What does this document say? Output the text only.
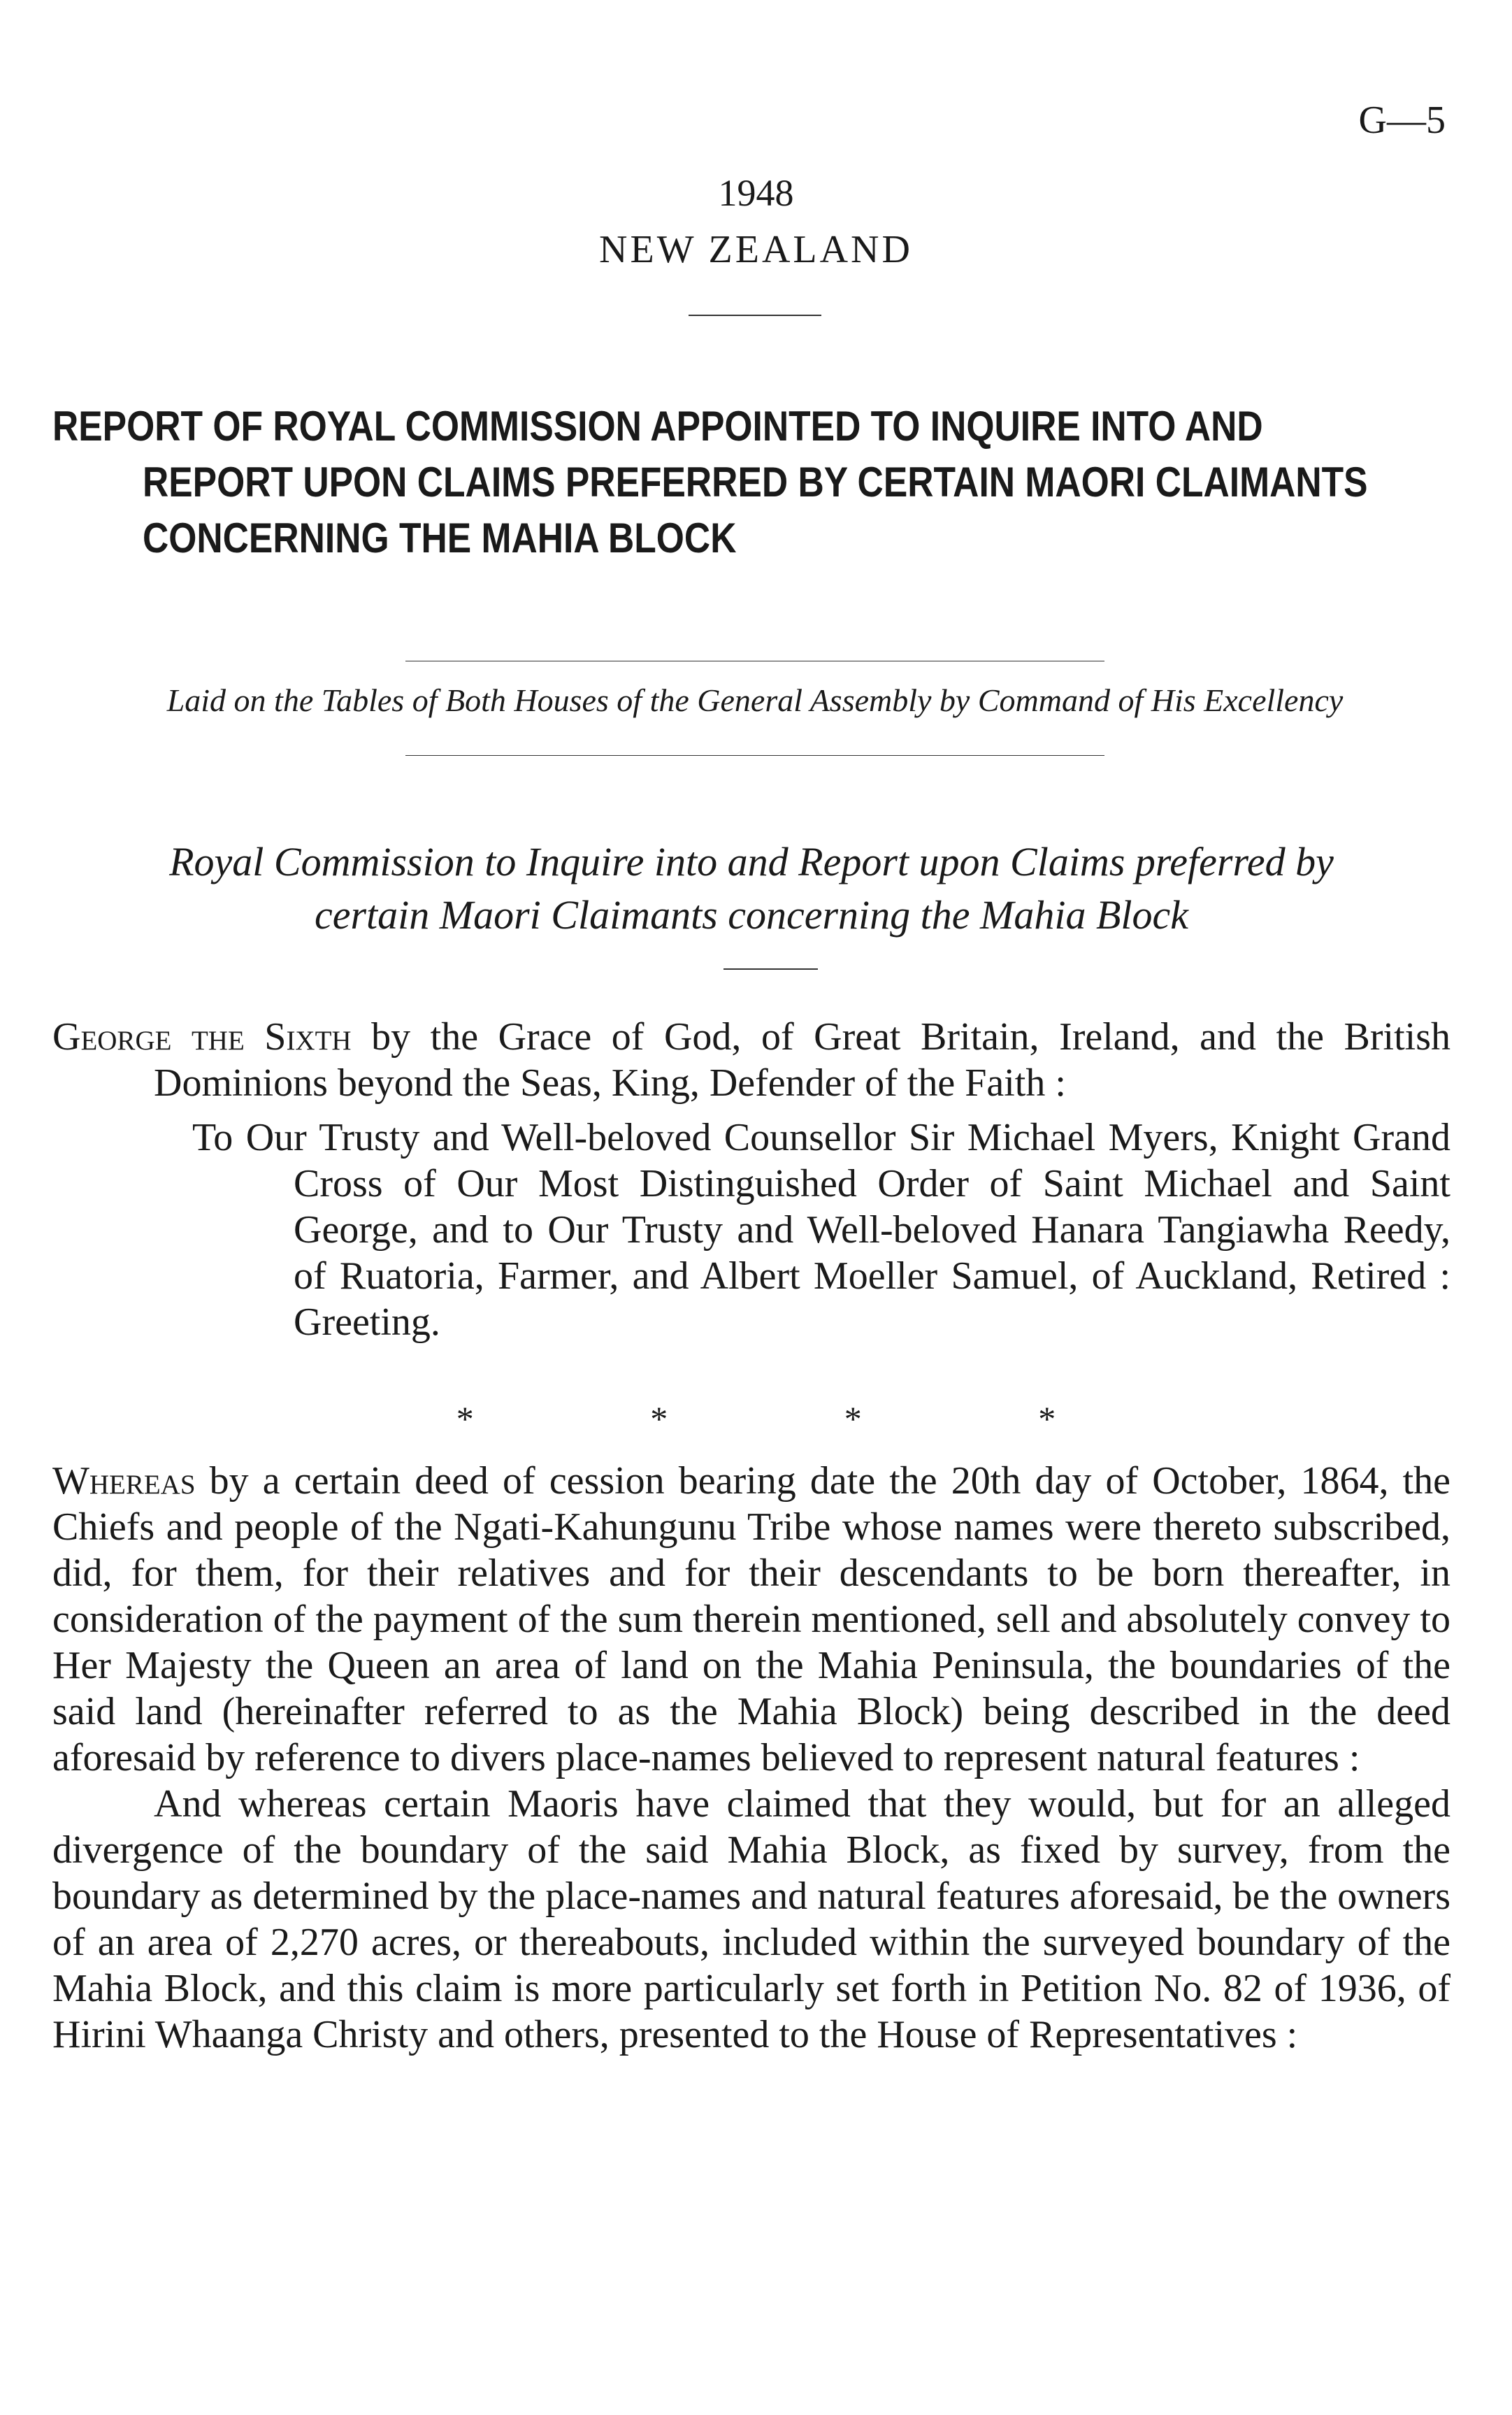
G—5
1948
NEW ZEALAND
REPORT OF ROYAL COMMISSION APPOINTED TO INQUIRE INTO AND
REPORT UPON CLAIMS PREFERRED BY CERTAIN MAORI CLAIMANTS
CONCERNING THE MAHIA BLOCK
Laid on the Tables of Both Houses of the General Assembly by Command of His Excellency
Royal Commission to Inquire into and Report upon Claims preferred by
certain Maori Claimants concerning the Mahia Block

George the Sixth by the Grace of God, of Great Britain, Ireland, and the British Dominions beyond the Seas, King, Defender of the Faith :

To Our Trusty and Well-beloved Counsellor Sir Michael Myers, Knight Grand Cross of Our Most Distinguished Order of Saint Michael and Saint George, and to Our Trusty and Well-beloved Hanara Tangiawha Reedy, of Ruatoria, Farmer, and Albert Moeller Samuel, of Auckland, Retired : Greeting.

* * * *

Whereas by a certain deed of cession bearing date the 20th day of October, 1864, the Chiefs and people of the Ngati-Kahungunu Tribe whose names were thereto subscribed, did, for them, for their relatives and for their descendants to be born thereafter, in consideration of the payment of the sum therein mentioned, sell and absolutely convey to Her Majesty the Queen an area of land on the Mahia Peninsula, the boundaries of the said land (hereinafter referred to as the Mahia Block) being described in the deed aforesaid by reference to divers place-names believed to represent natural features :

And whereas certain Maoris have claimed that they would, but for an alleged divergence of the boundary of the said Mahia Block, as fixed by survey, from the boundary as determined by the place-names and natural features aforesaid, be the owners of an area of 2,270 acres, or thereabouts, included within the surveyed boundary of the Mahia Block, and this claim is more particularly set forth in Petition No. 82 of 1936, of Hirini Whaanga Christy and others, presented to the House of Representatives :
